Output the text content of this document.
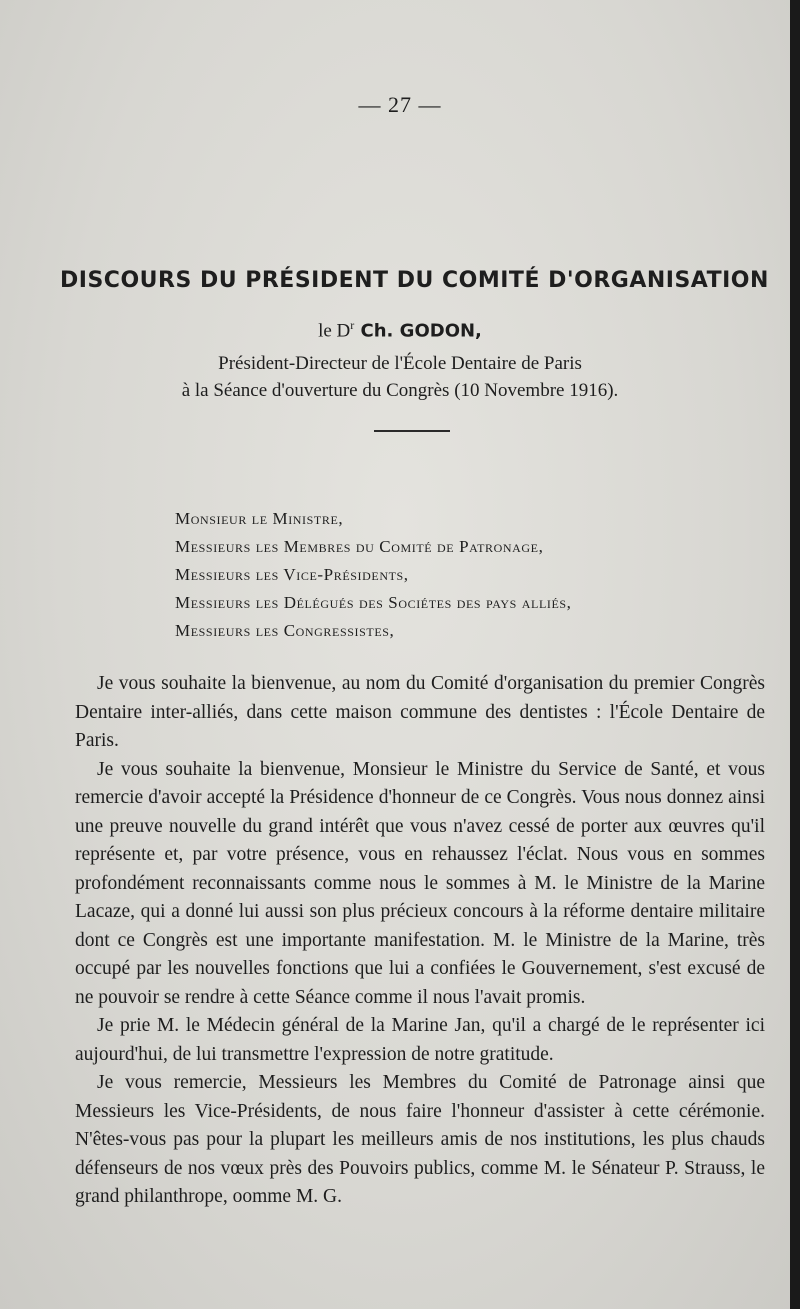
— 27 —
DISCOURS DU PRÉSIDENT DU COMITÉ D'ORGANISATION
le $D^r$ Ch. GODON,
Président-Directeur de l'École Dentaire de Paris
à la Séance d'ouverture du Congrès (10 Novembre 1916).
Monsieur le Ministre,
Messieurs les Membres du Comité de Patronage,
Messieurs les Vice-Présidents,
Messieurs les Délégués des Sociétes des pays alliés,
Messieurs les Congressistes,

Je vous souhaite la bienvenue, au nom du Comité d'organisation du premier Congrès Dentaire inter-alliés, dans cette maison commune des dentistes : l'École Dentaire de Paris.

Je vous souhaite la bienvenue, Monsieur le Ministre du Service de Santé, et vous remercie d'avoir accepté la Présidence d'honneur de ce Congrès. Vous nous donnez ainsi une preuve nouvelle du grand intérêt que vous n'avez cessé de porter aux œuvres qu'il représente et, par votre présence, vous en rehaussez l'éclat. Nous vous en sommes profondément reconnaissants comme nous le sommes à M. le Ministre de la Marine Lacaze, qui a donné lui aussi son plus précieux concours à la réforme dentaire militaire dont ce Congrès est une importante manifestation. M. le Ministre de la Marine, très occupé par les nouvelles fonctions que lui a confiées le Gouvernement, s'est excusé de ne pouvoir se rendre à cette Séance comme il nous l'avait promis.

Je prie M. le Médecin général de la Marine Jan, qu'il a chargé de le représenter ici aujourd'hui, de lui transmettre l'expression de notre gratitude.

Je vous remercie, Messieurs les Membres du Comité de Patronage ainsi que Messieurs les Vice-Présidents, de nous faire l'honneur d'assister à cette cérémonie. N'êtes-vous pas pour la plupart les meilleurs amis de nos institutions, les plus chauds défenseurs de nos vœux près des Pouvoirs publics, comme M. le Sénateur P. Strauss, le grand philanthrope, oomme M. G.
